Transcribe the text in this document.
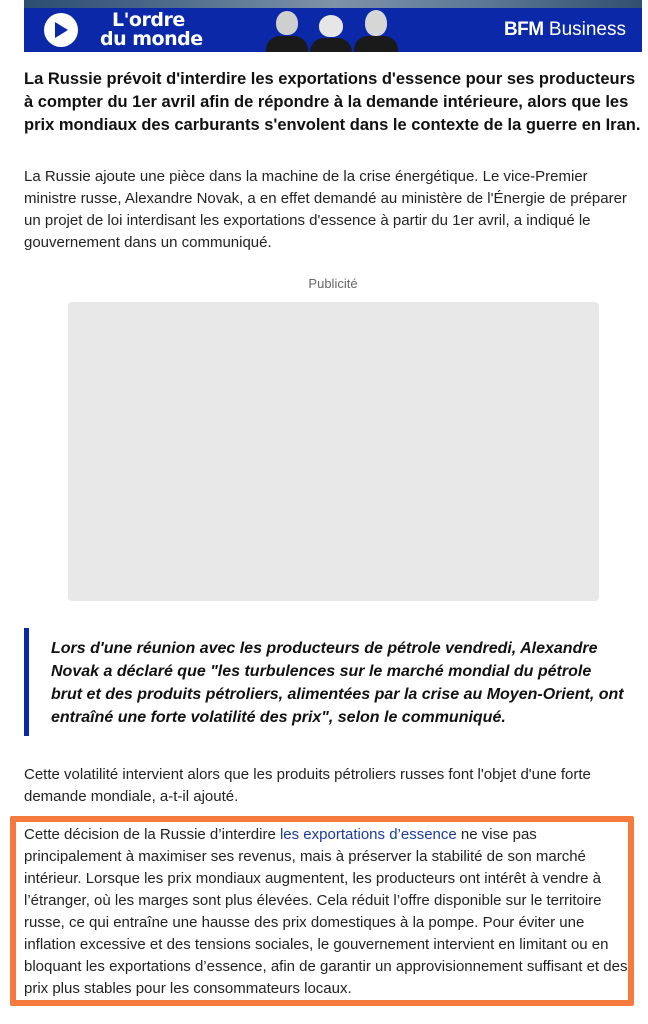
L'ordre
du monde	BFM Business

La Russie prévoit d'interdire les exportations d'essence pour ses producteurs à compter du 1er avril afin de répondre à la demande intérieure, alors que les prix mondiaux des carburants s'envolent dans le contexte de la guerre en Iran.

La Russie ajoute une pièce dans la machine de la crise énergétique. Le vice-Premier ministre russe, Alexandre Novak, a en effet demandé au ministère de l'Énergie de préparer un projet de loi interdisant les exportations d'essence à partir du 1er avril, a indiqué le gouvernement dans un communiqué.

Publicité
Lors d'une réunion avec les producteurs de pétrole vendredi, Alexandre Novak a déclaré que "les turbulences sur le marché mondial du pétrole brut et des produits pétroliers, alimentées par la crise au Moyen-Orient, ont entraîné une forte volatilité des prix", selon le communiqué.

Cette volatilité intervient alors que les produits pétroliers russes font l'objet d'une forte demande mondiale, a-t-il ajouté.

Cette décision de la Russie d’interdire les exportations d’essence ne vise pas principalement à maximiser ses revenus, mais à préserver la stabilité de son marché intérieur. Lorsque les prix mondiaux augmentent, les producteurs ont intérêt à vendre à l’étranger, où les marges sont plus élevées. Cela réduit l’offre disponible sur le territoire russe, ce qui entraîne une hausse des prix domestiques à la pompe. Pour éviter une inflation excessive et des tensions sociales, le gouvernement intervient en limitant ou en bloquant les exportations d’essence, afin de garantir un approvisionnement suffisant et des prix plus stables pour les consommateurs locaux.
